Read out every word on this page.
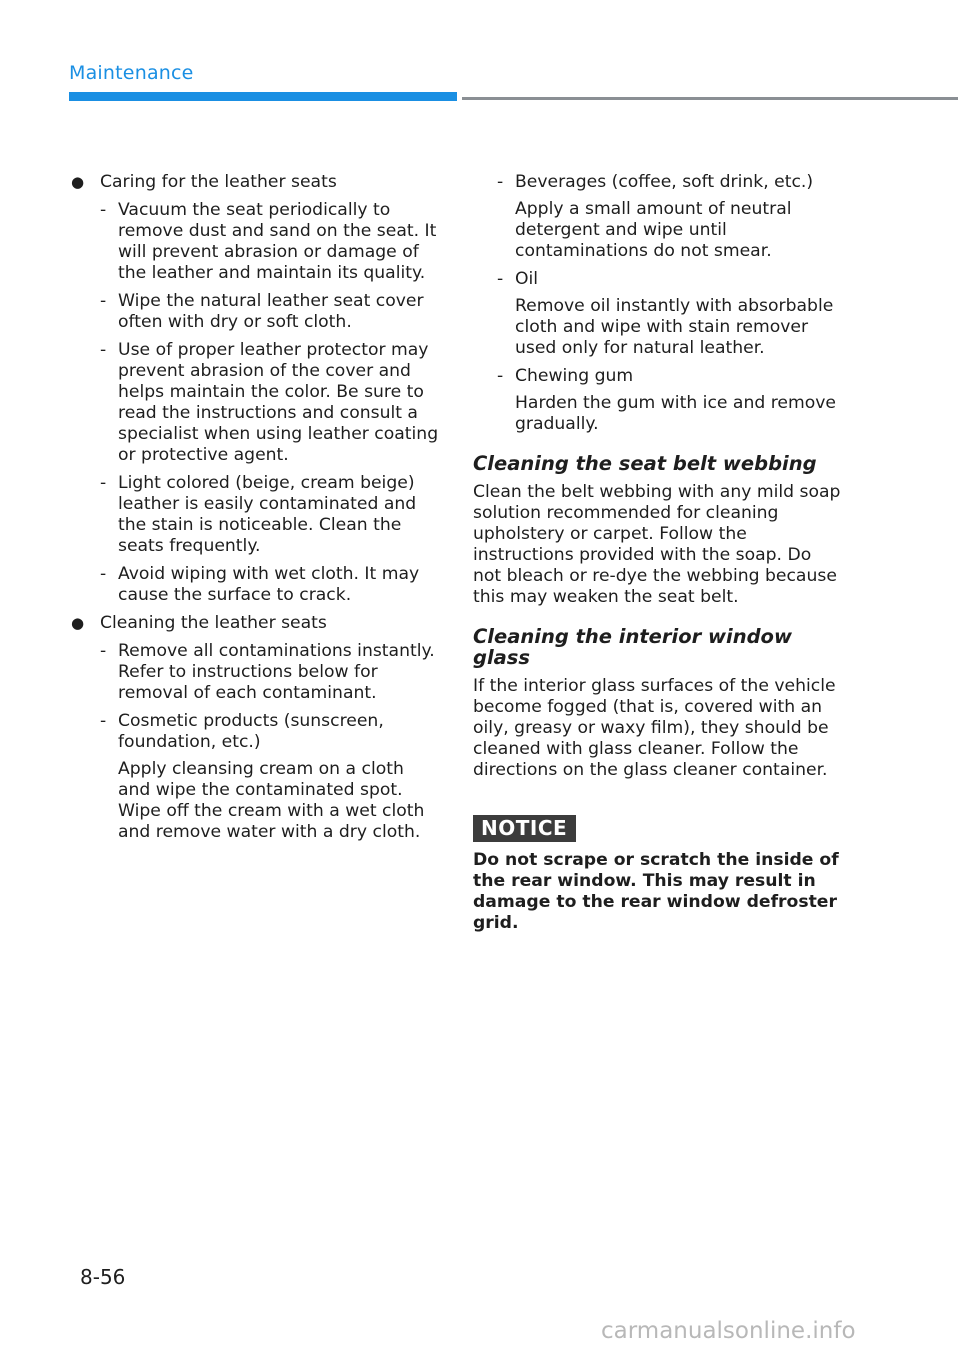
Maintenance
● Caring for the leather seats
- Vacuum the seat periodically to remove dust and sand on the seat. It will prevent abrasion or damage of the leather and maintain its quality.
- Wipe the natural leather seat cover often with dry or soft cloth.
- Use of proper leather protector may prevent abrasion of the cover and helps maintain the color. Be sure to read the instructions and consult a specialist when using leather coating or protective agent.
- Light colored (beige, cream beige) leather is easily contaminated and the stain is noticeable. Clean the seats frequently.
- Avoid wiping with wet cloth. It may cause the surface to crack.
● Cleaning the leather seats
- Remove all contaminations instantly. Refer to instructions below for removal of each contaminant.
- Cosmetic products (sunscreen, foundation, etc.)
Apply cleansing cream on a cloth and wipe the contaminated spot. Wipe off the cream with a wet cloth and remove water with a dry cloth.
- Beverages (coffee, soft drink, etc.)
Apply a small amount of neutral detergent and wipe until contaminations do not smear.
- Oil
Remove oil instantly with absorbable cloth and wipe with stain remover used only for natural leather.
- Chewing gum
Harden the gum with ice and remove gradually.
Cleaning the seat belt webbing
Clean the belt webbing with any mild soap solution recommended for cleaning upholstery or carpet. Follow the instructions provided with the soap. Do not bleach or re-dye the webbing because this may weaken the seat belt.
Cleaning the interior window glass
If the interior glass surfaces of the vehicle become fogged (that is, covered with an oily, greasy or waxy film), they should be cleaned with glass cleaner. Follow the directions on the glass cleaner container.
NOTICE
Do not scrape or scratch the inside of the rear window. This may result in damage to the rear window defroster grid.
8-56
carmanualsonline.info
